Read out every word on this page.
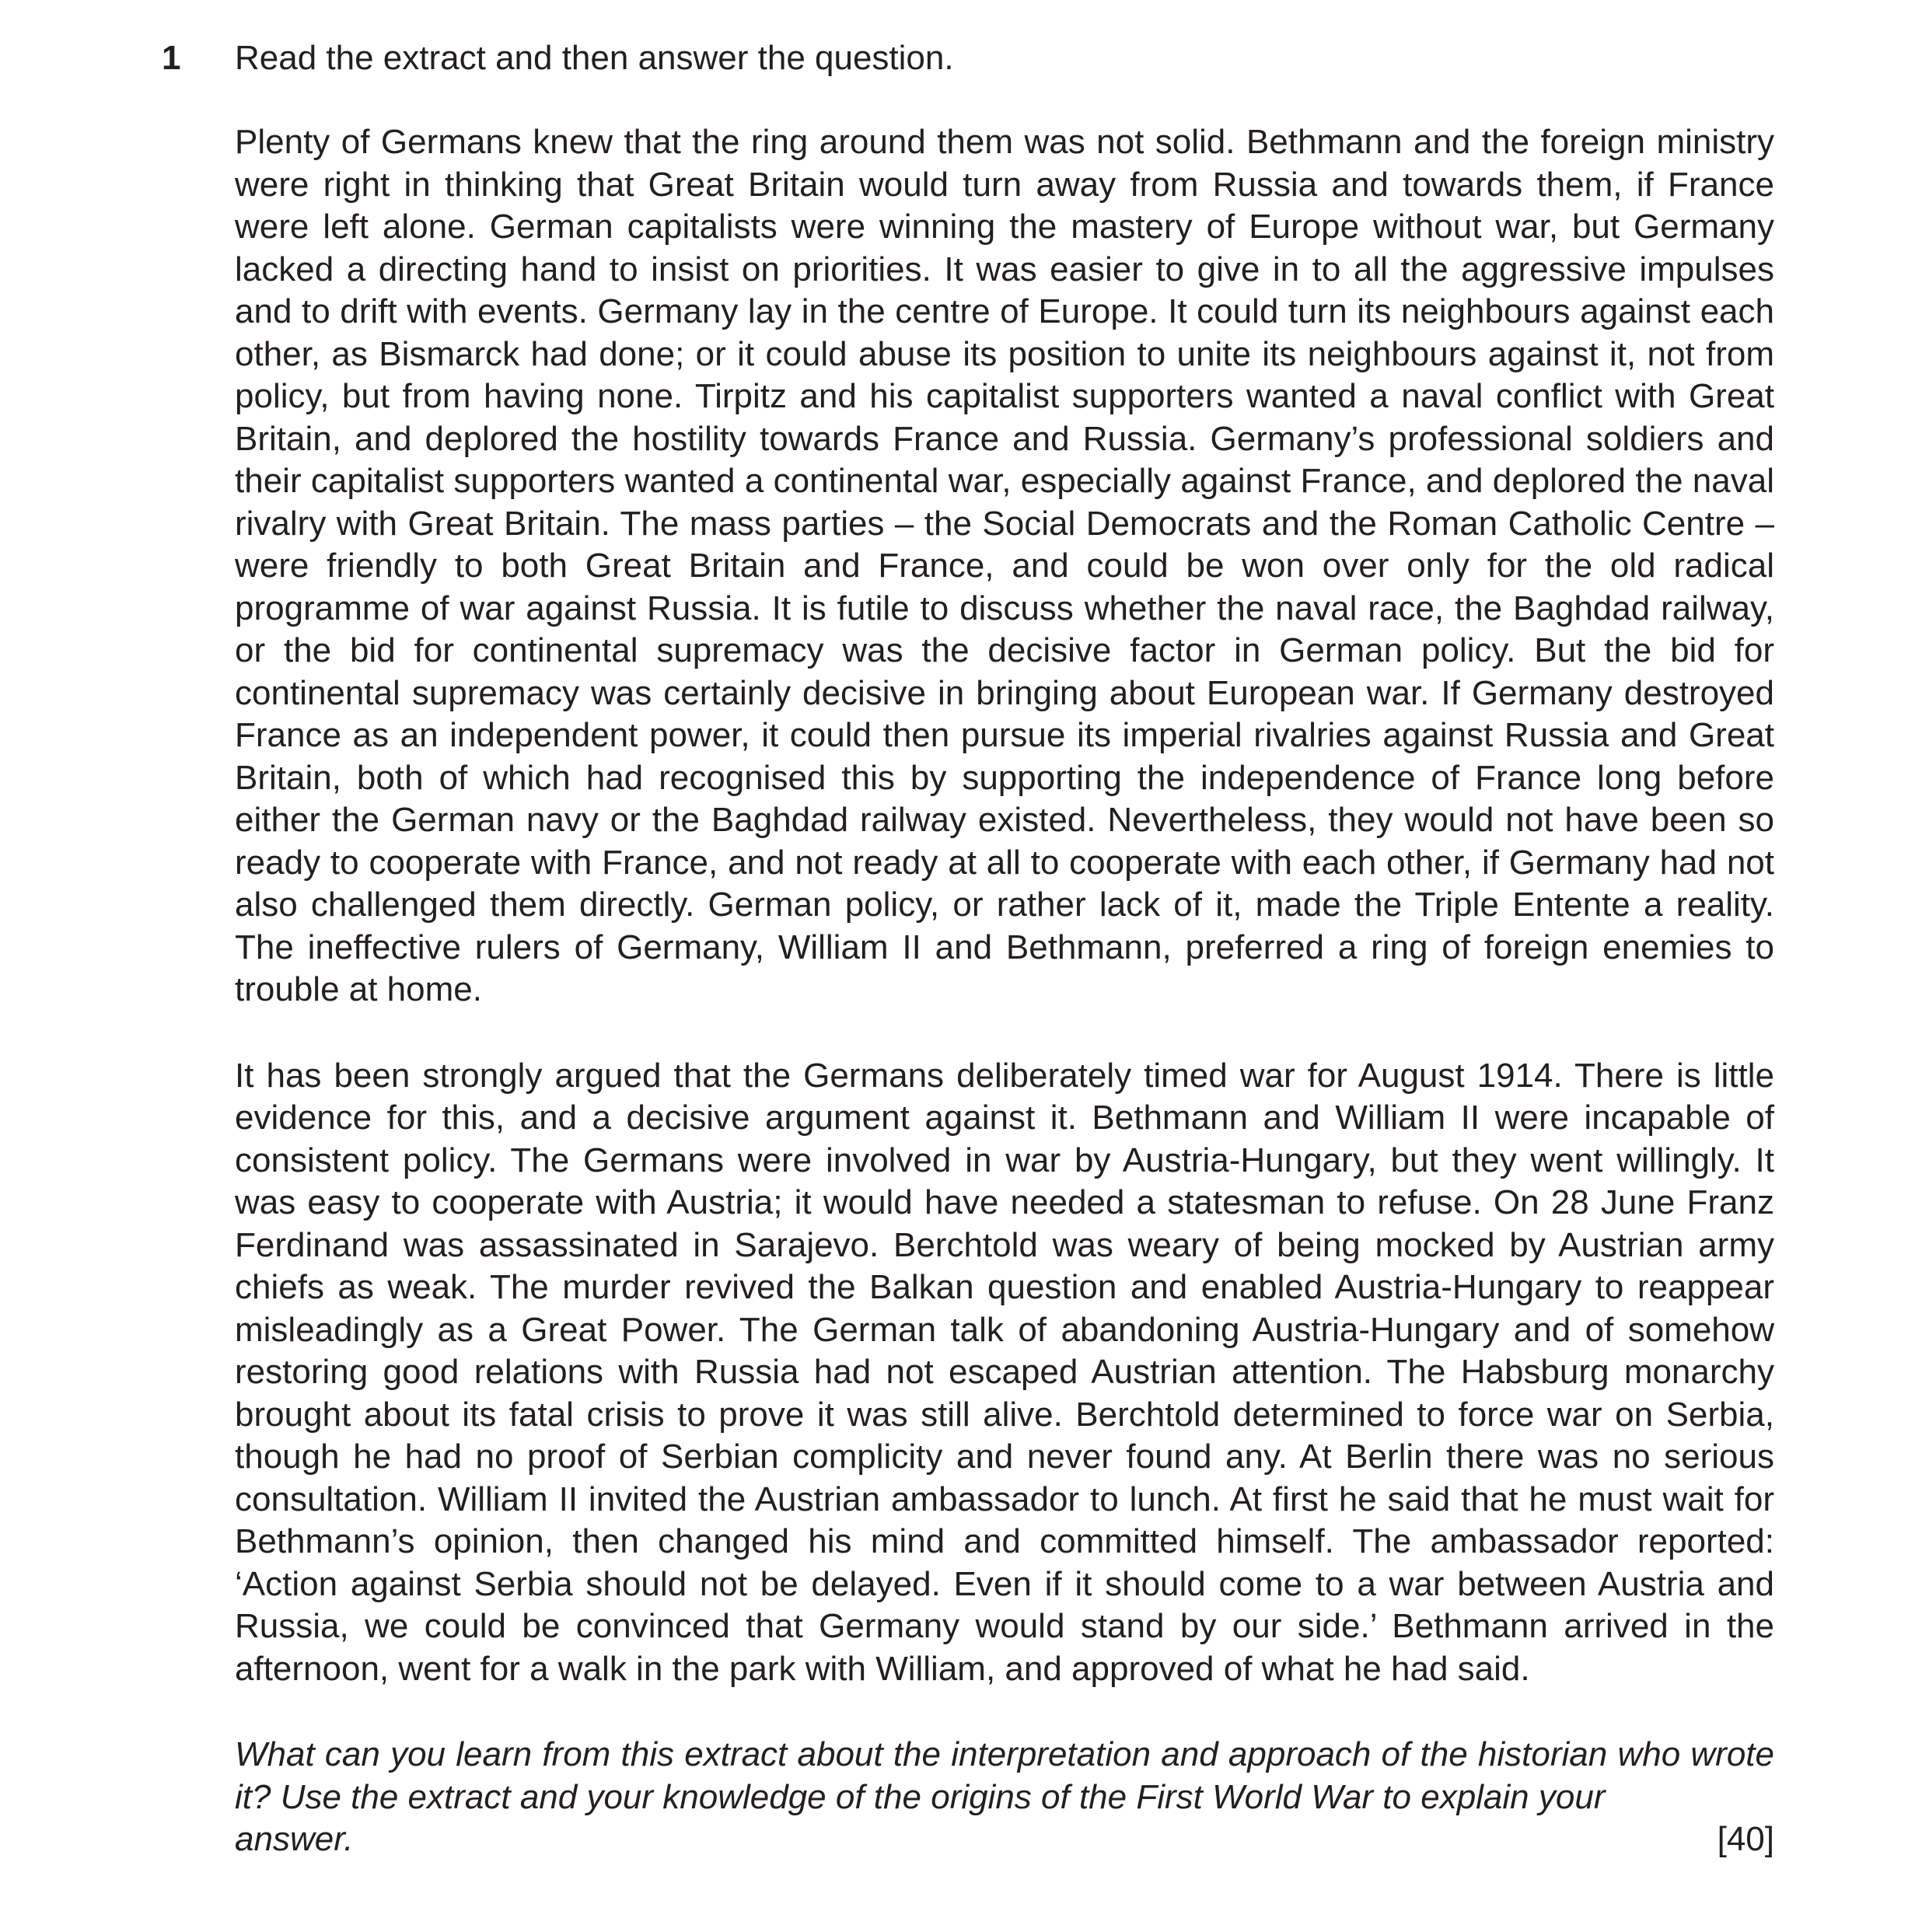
1 Read the extract and then answer the question.

Plenty of Germans knew that the ring around them was not solid. Bethmann and the foreign ministry were right in thinking that Great Britain would turn away from Russia and towards them, if France were left alone. German capitalists were winning the mastery of Europe without war, but Germany lacked a directing hand to insist on priorities. It was easier to give in to all the aggressive impulses and to drift with events. Germany lay in the centre of Europe. It could turn its neighbours against each other, as Bismarck had done; or it could abuse its position to unite its neighbours against it, not from policy, but from having none. Tirpitz and his capitalist supporters wanted a naval conflict with Great Britain, and deplored the hostility towards France and Russia. Germany’s professional soldiers and their capitalist supporters wanted a continental war, especially against France, and deplored the naval rivalry with Great Britain. The mass parties – the Social Democrats and the Roman Catholic Centre – were friendly to both Great Britain and France, and could be won over only for the old radical programme of war against Russia. It is futile to discuss whether the naval race, the Baghdad railway, or the bid for continental supremacy was the decisive factor in German policy. But the bid for continental supremacy was certainly decisive in bringing about European war. If Germany destroyed France as an independent power, it could then pursue its imperial rivalries against Russia and Great Britain, both of which had recognised this by supporting the independence of France long before either the German navy or the Baghdad railway existed. Nevertheless, they would not have been so ready to cooperate with France, and not ready at all to cooperate with each other, if Germany had not also challenged them directly. German policy, or rather lack of it, made the Triple Entente a reality. The ineffective rulers of Germany, William II and Bethmann, preferred a ring of foreign enemies to trouble at home.

It has been strongly argued that the Germans deliberately timed war for August 1914. There is little evidence for this, and a decisive argument against it. Bethmann and William II were incapable of consistent policy. The Germans were involved in war by Austria-Hungary, but they went willingly. It was easy to cooperate with Austria; it would have needed a statesman to refuse. On 28 June Franz Ferdinand was assassinated in Sarajevo. Berchtold was weary of being mocked by Austrian army chiefs as weak. The murder revived the Balkan question and enabled Austria-Hungary to reappear misleadingly as a Great Power. The German talk of abandoning Austria-Hungary and of somehow restoring good relations with Russia had not escaped Austrian attention. The Habsburg monarchy brought about its fatal crisis to prove it was still alive. Berchtold determined to force war on Serbia, though he had no proof of Serbian complicity and never found any. At Berlin there was no serious consultation. William II invited the Austrian ambassador to lunch. At first he said that he must wait for Bethmann’s opinion, then changed his mind and committed himself. The ambassador reported: ‘Action against Serbia should not be delayed. Even if it should come to a war between Austria and Russia, we could be convinced that Germany would stand by our side.’ Bethmann arrived in the afternoon, went for a walk in the park with William, and approved of what he had said.

What can you learn from this extract about the interpretation and approach of the historian who wrote it? Use the extract and your knowledge of the origins of the First World War to explain your
answer.	[40]
